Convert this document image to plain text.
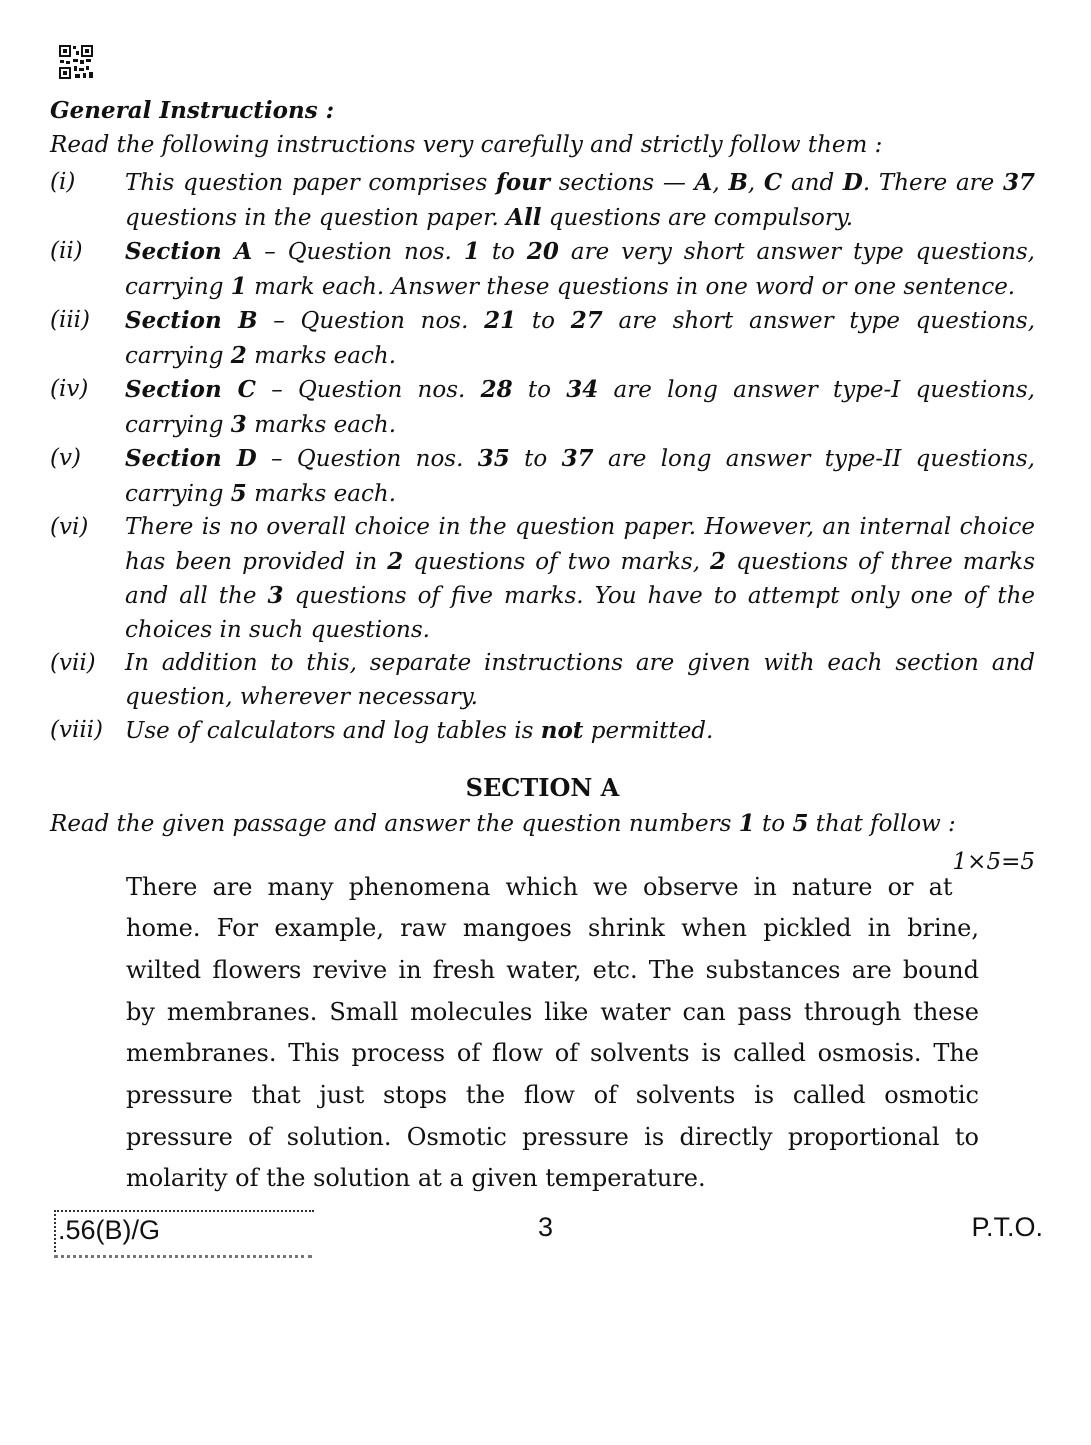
General Instructions :

Read the following instructions very carefully and strictly follow them :

(i)	This question paper comprises four sections — A, B, C and D. There are 37 questions in the question paper. All questions are compulsory.
(ii)	Section A – Question nos. 1 to 20 are very short answer type questions, carrying 1 mark each. Answer these questions in one word or one sentence.
(iii)	Section B – Question nos. 21 to 27 are short answer type questions, carrying 2 marks each.
(iv)	Section C – Question nos. 28 to 34 are long answer type-I questions, carrying 3 marks each.
(v)	Section D – Question nos. 35 to 37 are long answer type-II questions, carrying 5 marks each.
(vi)	There is no overall choice in the question paper. However, an internal choice has been provided in 2 questions of two marks, 2 questions of three marks and all the 3 questions of five marks. You have to attempt only one of the choices in such questions.
(vii)	In addition to this, separate instructions are given with each section and question, wherever necessary.
(viii) Use of calculators and log tables is not permitted.
SECTION A

Read the given passage and answer the question numbers 1 to 5 that follow :
1×5=5

There are many phenomena which we observe in nature or at home. For example, raw mangoes shrink when pickled in brine, wilted flowers revive in fresh water, etc. The substances are bound by membranes. Small molecules like water can pass through these membranes. This process of flow of solvents is called osmosis. The pressure that just stops the flow of solvents is called osmotic pressure of solution. Osmotic pressure is directly proportional to molarity of the solution at a given temperature.

.56(B)/G	3	P.T.O.
